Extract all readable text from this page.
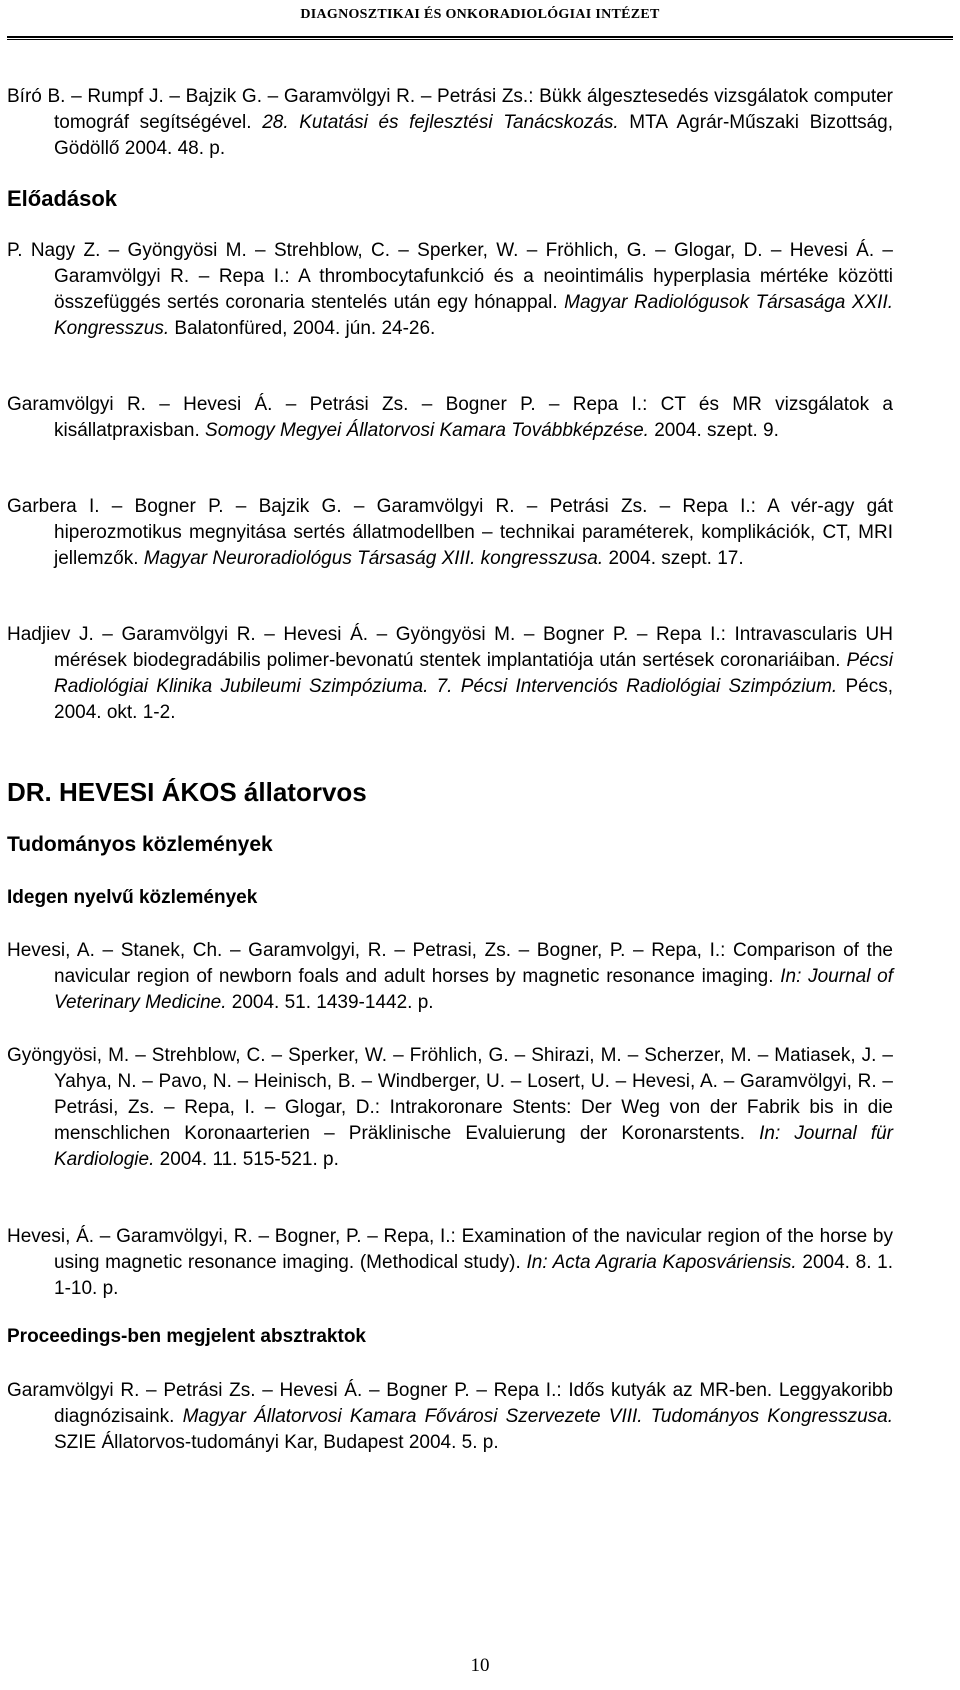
DIAGNOSZTIKAI ÉS ONKORADIOLÓGIAI INTÉZET
Bíró B. – Rumpf J. – Bajzik G. – Garamvölgyi R. – Petrási Zs.: Bükk álgesztesedés vizsgálatok computer tomográf segítségével. 28. Kutatási és fejlesztési Tanácskozás. MTA Agrár-Műszaki Bizottság, Gödöllő 2004. 48. p.
Előadások
P. Nagy Z. – Gyöngyösi M. – Strehblow, C. – Sperker, W. – Fröhlich, G. – Glogar, D. – Hevesi Á. – Garamvölgyi R. – Repa I.: A thrombocytafunkció és a neointimális hyperplasia mértéke közötti összefüggés sertés coronaria stentelés után egy hónappal. Magyar Radiológusok Társasága XXII. Kongresszus. Balatonfüred, 2004. jún. 24-26.
Garamvölgyi R. – Hevesi Á. – Petrási Zs. – Bogner P. – Repa I.: CT és MR vizsgálatok a kisállatpraxisban. Somogy Megyei Állatorvosi Kamara Továbbképzése. 2004. szept. 9.
Garbera I. – Bogner P. – Bajzik G. – Garamvölgyi R. – Petrási Zs. – Repa I.: A vér-agy gát hiperozmotikus megnyitása sertés állatmodellben – technikai paraméterek, komplikációk, CT, MRI jellemzők. Magyar Neuroradiológus Társaság XIII. kongresszusa. 2004. szept. 17.
Hadjiev J. – Garamvölgyi R. – Hevesi Á. – Gyöngyösi M. – Bogner P. – Repa I.: Intravascularis UH mérések biodegradábilis polimer-bevonatú stentek implantatiója után sertések coronariáiban. Pécsi Radiológiai Klinika Jubileumi Szimpóziuma. 7. Pécsi Intervenciós Radiológiai Szimpózium. Pécs, 2004. okt. 1-2.
DR. HEVESI ÁKOS állatorvos
Tudományos közlemények
Idegen nyelvű közlemények
Hevesi, A. – Stanek, Ch. – Garamvolgyi, R. – Petrasi, Zs. – Bogner, P. – Repa, I.: Comparison of the navicular region of newborn foals and adult horses by magnetic resonance imaging. In: Journal of Veterinary Medicine. 2004. 51. 1439-1442. p.
Gyöngyösi, M. – Strehblow, C. – Sperker, W. – Fröhlich, G. – Shirazi, M. – Scherzer, M. – Matiasek, J. – Yahya, N. – Pavo, N. – Heinisch, B. – Windberger, U. – Losert, U. – Hevesi, A. – Garamvölgyi, R. – Petrási, Zs. – Repa, I. – Glogar, D.: Intrakoronare Stents: Der Weg von der Fabrik bis in die menschlichen Koronaarterien – Präklinische Evaluierung der Koronarstents. In: Journal für Kardiologie. 2004. 11. 515-521. p.
Hevesi, Á. – Garamvölgyi, R. – Bogner, P. – Repa, I.: Examination of the navicular region of the horse by using magnetic resonance imaging. (Methodical study). In: Acta Agraria Kaposváriensis. 2004. 8. 1. 1-10. p.
Proceedings-ben megjelent absztraktok
Garamvölgyi R. – Petrási Zs. – Hevesi Á. – Bogner P. – Repa I.: Idős kutyák az MR-ben. Leggyakoribb diagnózisaink. Magyar Állatorvosi Kamara Fővárosi Szervezete VIII. Tudományos Kongresszusa. SZIE Állatorvos-tudományi Kar, Budapest 2004. 5. p.
10
